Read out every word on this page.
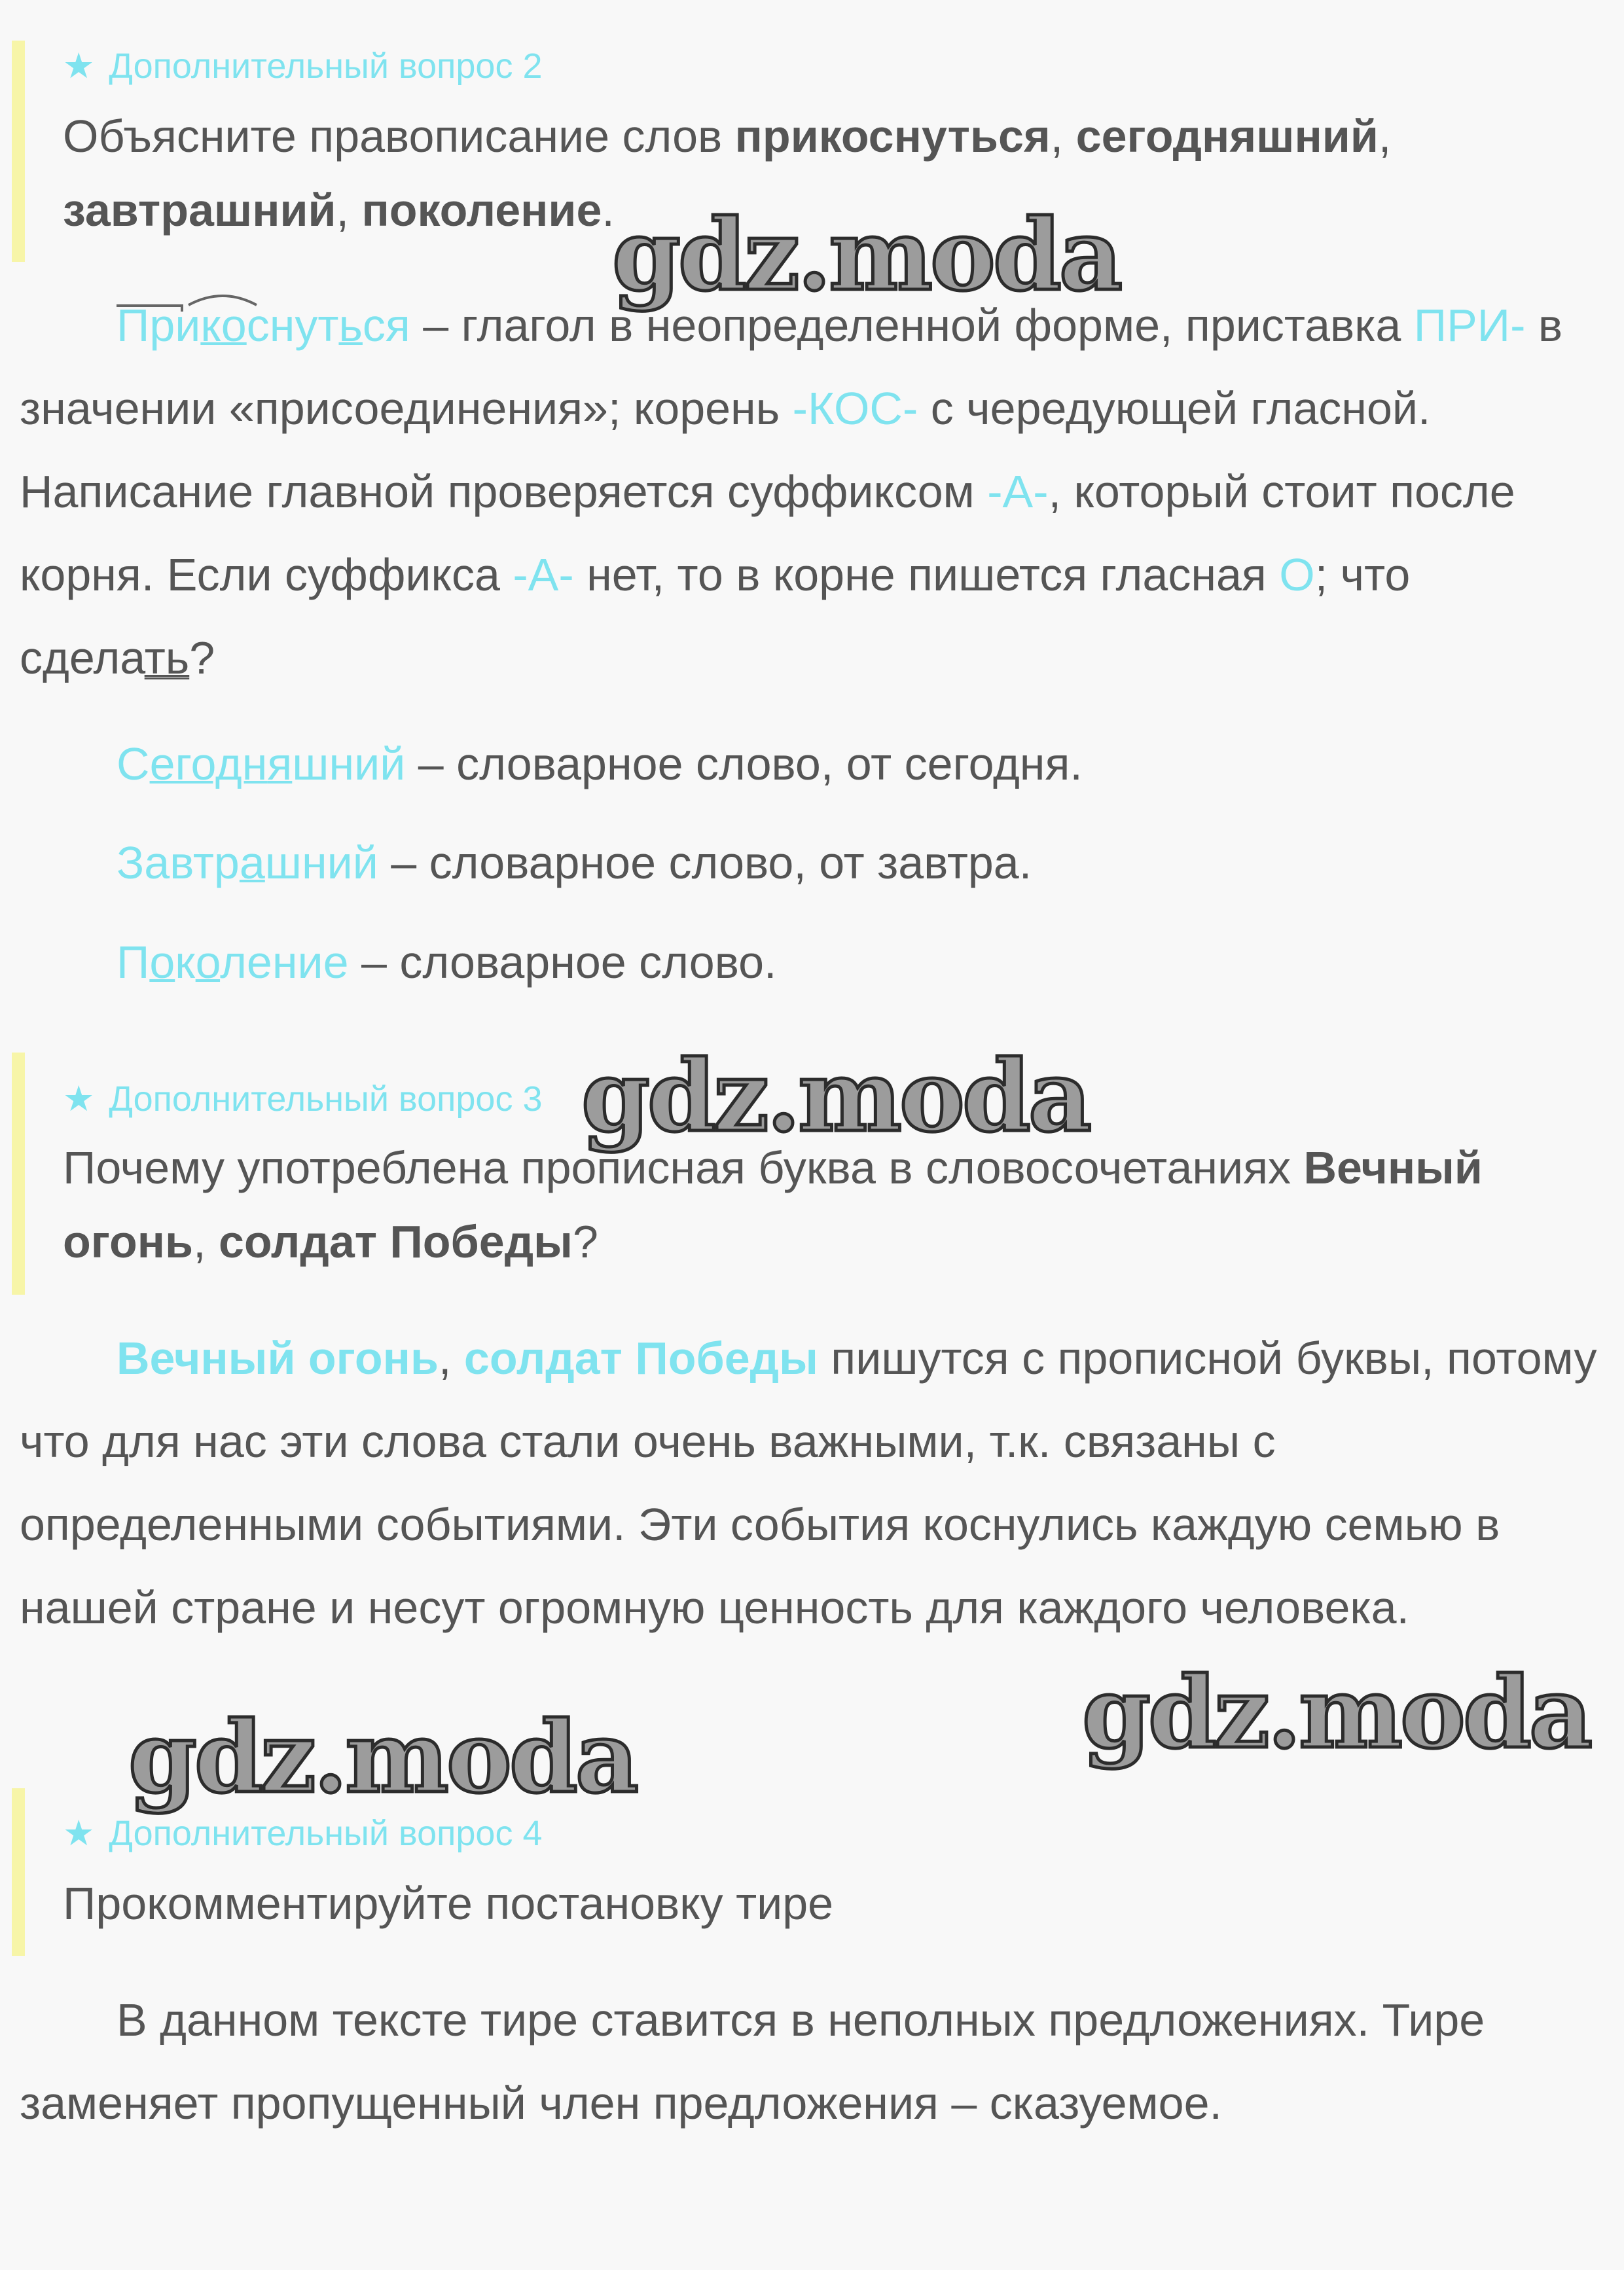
★ Дополнительный вопрос 2
Объясните правописание слов прикоснуться, сегодняшний,
завтрашний, поколение.

Прикоснуться – глагол в неопределенной форме, приставка ПРИ- в значении «присоединения»; корень -КОС- с чередующей гласной. Написание главной проверяется суффиксом -А-, который стоит после корня. Если суффикса -А- нет, то в корне пишется гласная О; что сделать?

Сегодняшний – словарное слово, от сегодня.
Завтрашний – словарное слово, от завтра.
Поколение – словарное слово.
★ Дополнительный вопрос 3
Почему употреблена прописная буква в словосочетаниях Вечный огонь, солдат Победы?

Вечный огонь, солдат Победы пишутся с прописной буквы, потому что для нас эти слова стали очень важными, т.к. связаны с определенными событиями. Эти события коснулись каждую семью в нашей стране и несут огромную ценность для каждого человека.

★ Дополнительный вопрос 4
Прокомментируйте постановку тире

В данном тексте тире ставится в неполных предложениях. Тире заменяет пропущенный член предложения – сказуемое.

gdz.moda
gdz.moda
gdz.moda
gdz.moda
